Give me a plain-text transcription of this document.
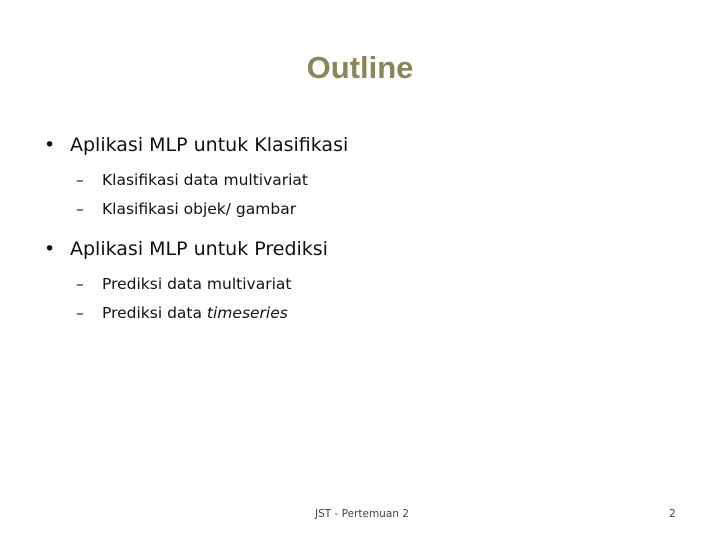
Outline
• Aplikasi MLP untuk Klasifikasi
–	Klasifikasi data multivariat
–	Klasifikasi objek/ gambar
• Aplikasi MLP untuk Prediksi
–	Prediksi data multivariat
–	Prediksi data timeseries
JST - Pertemuan 2	2
